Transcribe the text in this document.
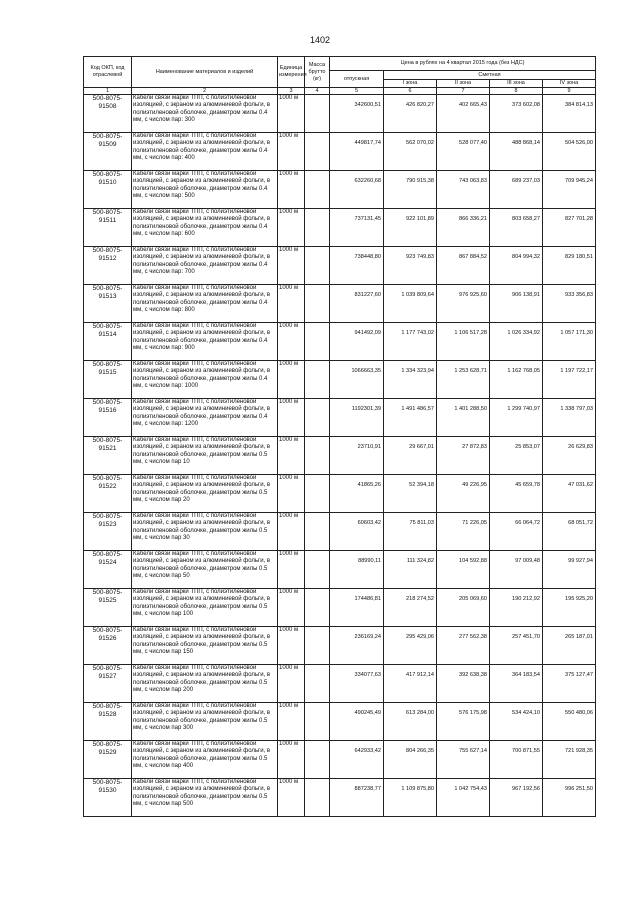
1402
Код ОКП, код отраслевой	Наименование материалов и изделий	Единица измерения	Масса брутто (кг)	Цена в рублях на 4 квартал 2015 года (без НДС)				
				отпускная	Сметная			
					I зона	II зона	III зона	IV зона
1	2	3	4	5	6	7	8	9
500-8075-91508	Кабели связи марки ТПП, с полиэтиленовой изоляцией, с экраном из алюминиевой фольги, в полиэтиленовой оболочке, диаметром жилы 0.4 мм, с числом пар: 300	1000 м		342600,51	426 820,27	402 665,43	373 602,08	384 814,13
500-8075-91509	Кабели связи марки ТПП, с полиэтиленовой изоляцией, с экраном из алюминиевой фольги, в полиэтиленовой оболочке, диаметром жилы 0.4 мм, с числом пар: 400	1000 м		449817,74	562 070,02	528 077,40	488 868,14	504 526,00
500-8075-91510	Кабели связи марки ТПП, с полиэтиленовой изоляцией, с экраном из алюминиевой фольги, в полиэтиленовой оболочке, диаметром жилы 0.4 мм, с числом пар: 500	1000 м		632260,68	790 915,38	743 063,83	689 237,03	709 945,24
500-8075-91511	Кабели связи марки ТПП, с полиэтиленовой изоляцией, с экраном из алюминиевой фольги, в полиэтиленовой оболочке, диаметром жилы 0.4 мм, с числом пар: 600	1000 м		737131,45	922 101,89	866 336,21	803 658,27	827 701,28
500-8075-91512	Кабели связи марки ТПП, с полиэтиленовой изоляцией, с экраном из алюминиевой фольги, в полиэтиленовой оболочке, диаметром жилы 0.4 мм, с числом пар: 700	1000 м		738448,80	923 749,83	867 884,52	804 994,32	829 180,51
500-8075-91513	Кабели связи марки ТПП, с полиэтиленовой изоляцией, с экраном из алюминиевой фольги, в полиэтиленовой оболочке, диаметром жилы 0.4 мм, с числом пар: 800	1000 м		831227,60	1 039 809,64	976 925,60	906 138,91	933 356,83
500-8075-91514	Кабели связи марки ТПП, с полиэтиленовой изоляцией, с экраном из алюминиевой фольги, в полиэтиленовой оболочке, диаметром жилы 0.4 мм, с числом пар: 900	1000 м		941492,09	1 177 743,02	1 106 517,28	1 026 334,92	1 057 171,30
500-8075-91515	Кабели связи марки ТПП, с полиэтиленовой изоляцией, с экраном из алюминиевой фольги, в полиэтиленовой оболочке, диаметром жилы 0.4 мм, с числом пар: 1000	1000 м		1066663,35	1 334 323,94	1 253 628,71	1 162 768,05	1 197 722,17
500-8075-91516	Кабели связи марки ТПП, с полиэтиленовой изоляцией, с экраном из алюминиевой фольги, в полиэтиленовой оболочке, диаметром жилы 0.4 мм, с числом пар: 1200	1000 м		1192301,39	1 491 486,57	1 401 288,50	1 299 740,97	1 338 797,03
500-8075-91521	Кабели связи марки ТПП, с полиэтиленовой изоляцией, с экраном из алюминиевой фольги, в полиэтиленовой оболочке, диаметром жилы 0.5 мм, с числом пар 10	1000 м		23710,91	29 667,01	27 872,83	25 853,07	26 629,83
500-8075-91522	Кабели связи марки ТПП, с полиэтиленовой изоляцией, с экраном из алюминиевой фольги, в полиэтиленовой оболочке, диаметром жилы 0.5 мм, с числом пар 20	1000 м		41865,26	52 394,18	49 226,95	45 659,78	47 031,62
500-8075-91523	Кабели связи марки ТПП, с полиэтиленовой изоляцией, с экраном из алюминиевой фольги, в полиэтиленовой оболочке, диаметром жилы 0.5 мм, с числом пар 30	1000 м		60603,42	75 811,03	71 226,05	66 064,72	68 051,72
500-8075-91524	Кабели связи марки ТПП, с полиэтиленовой изоляцией, с экраном из алюминиевой фольги, в полиэтиленовой оболочке, диаметром жилы 0.5 мм, с числом пар 50	1000 м		88990,11	111 324,82	104 592,88	97 009,48	99 927,94
500-8075-91525	Кабели связи марки ТПП, с полиэтиленовой изоляцией, с экраном из алюминиевой фольги, в полиэтиленовой оболочке, диаметром жилы 0.5 мм, с числом пар 100	1000 м		174486,81	218 274,52	205 069,60	190 212,92	195 925,20
500-8075-91526	Кабели связи марки ТПП, с полиэтиленовой изоляцией, с экраном из алюминиевой фольги, в полиэтиленовой оболочке, диаметром жилы 0.5 мм, с числом пар 150	1000 м		236169,24	295 429,06	277 562,38	257 451,70	265 187,01
500-8075-91527	Кабели связи марки ТПП, с полиэтиленовой изоляцией, с экраном из алюминиевой фольги, в полиэтиленовой оболочке, диаметром жилы 0.5 мм, с числом пар 200	1000 м		334077,63	417 912,14	392 638,38	364 183,54	375 127,47
500-8075-91528	Кабели связи марки ТПП, с полиэтиленовой изоляцией, с экраном из алюминиевой фольги, в полиэтиленовой оболочке, диаметром жилы 0.5 мм, с числом пар 300	1000 м		490245,49	613 284,00	576 175,98	534 424,10	550 480,06
500-8075-91529	Кабели связи марки ТПП, с полиэтиленовой изоляцией, с экраном из алюминиевой фольги, в полиэтиленовой оболочке, диаметром жилы 0.5 мм, с числом пар 400	1000 м		642933,42	804 266,35	755 627,14	700 871,55	721 928,35
500-8075-91530	Кабели связи марки ТПП, с полиэтиленовой изоляцией, с экраном из алюминиевой фольги, в полиэтиленовой оболочке, диаметром жилы 0.5 мм, с числом пар 500	1000 м		887238,77	1 109 875,80	1 042 754,43	967 192,56	996 251,50
